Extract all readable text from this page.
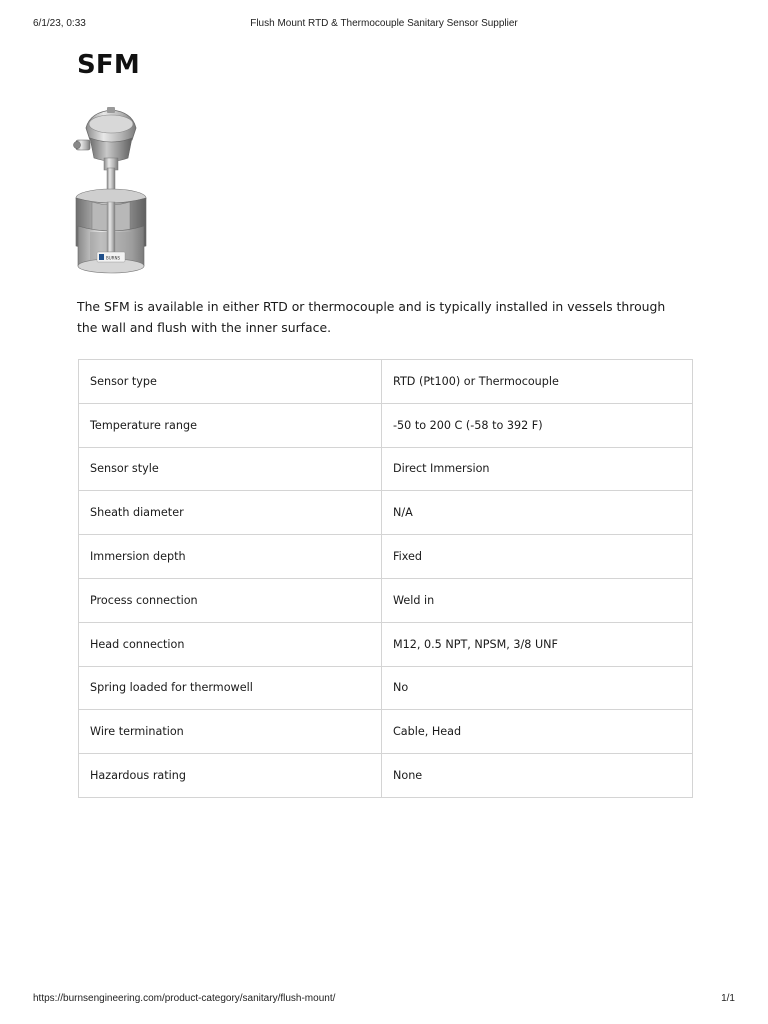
6/1/23, 0:33	Flush Mount RTD & Thermocouple Sanitary Sensor Supplier
SFM
BURNS

The SFM is available in either RTD or thermocouple and is typically installed in vessels through the wall and flush with the inner surface.

Sensor type	RTD (Pt100) or Thermocouple
Temperature range	-50 to 200 C (-58 to 392 F)
Sensor style	Direct Immersion
Sheath diameter	N/A
Immersion depth	Fixed
Process connection	Weld in
Head connection	M12, 0.5 NPT, NPSM, 3/8 UNF
Spring loaded for thermowell	No
Wire termination	Cable, Head
Hazardous rating	None
https://burnsengineering.com/product-category/sanitary/flush-mount/	1/1
